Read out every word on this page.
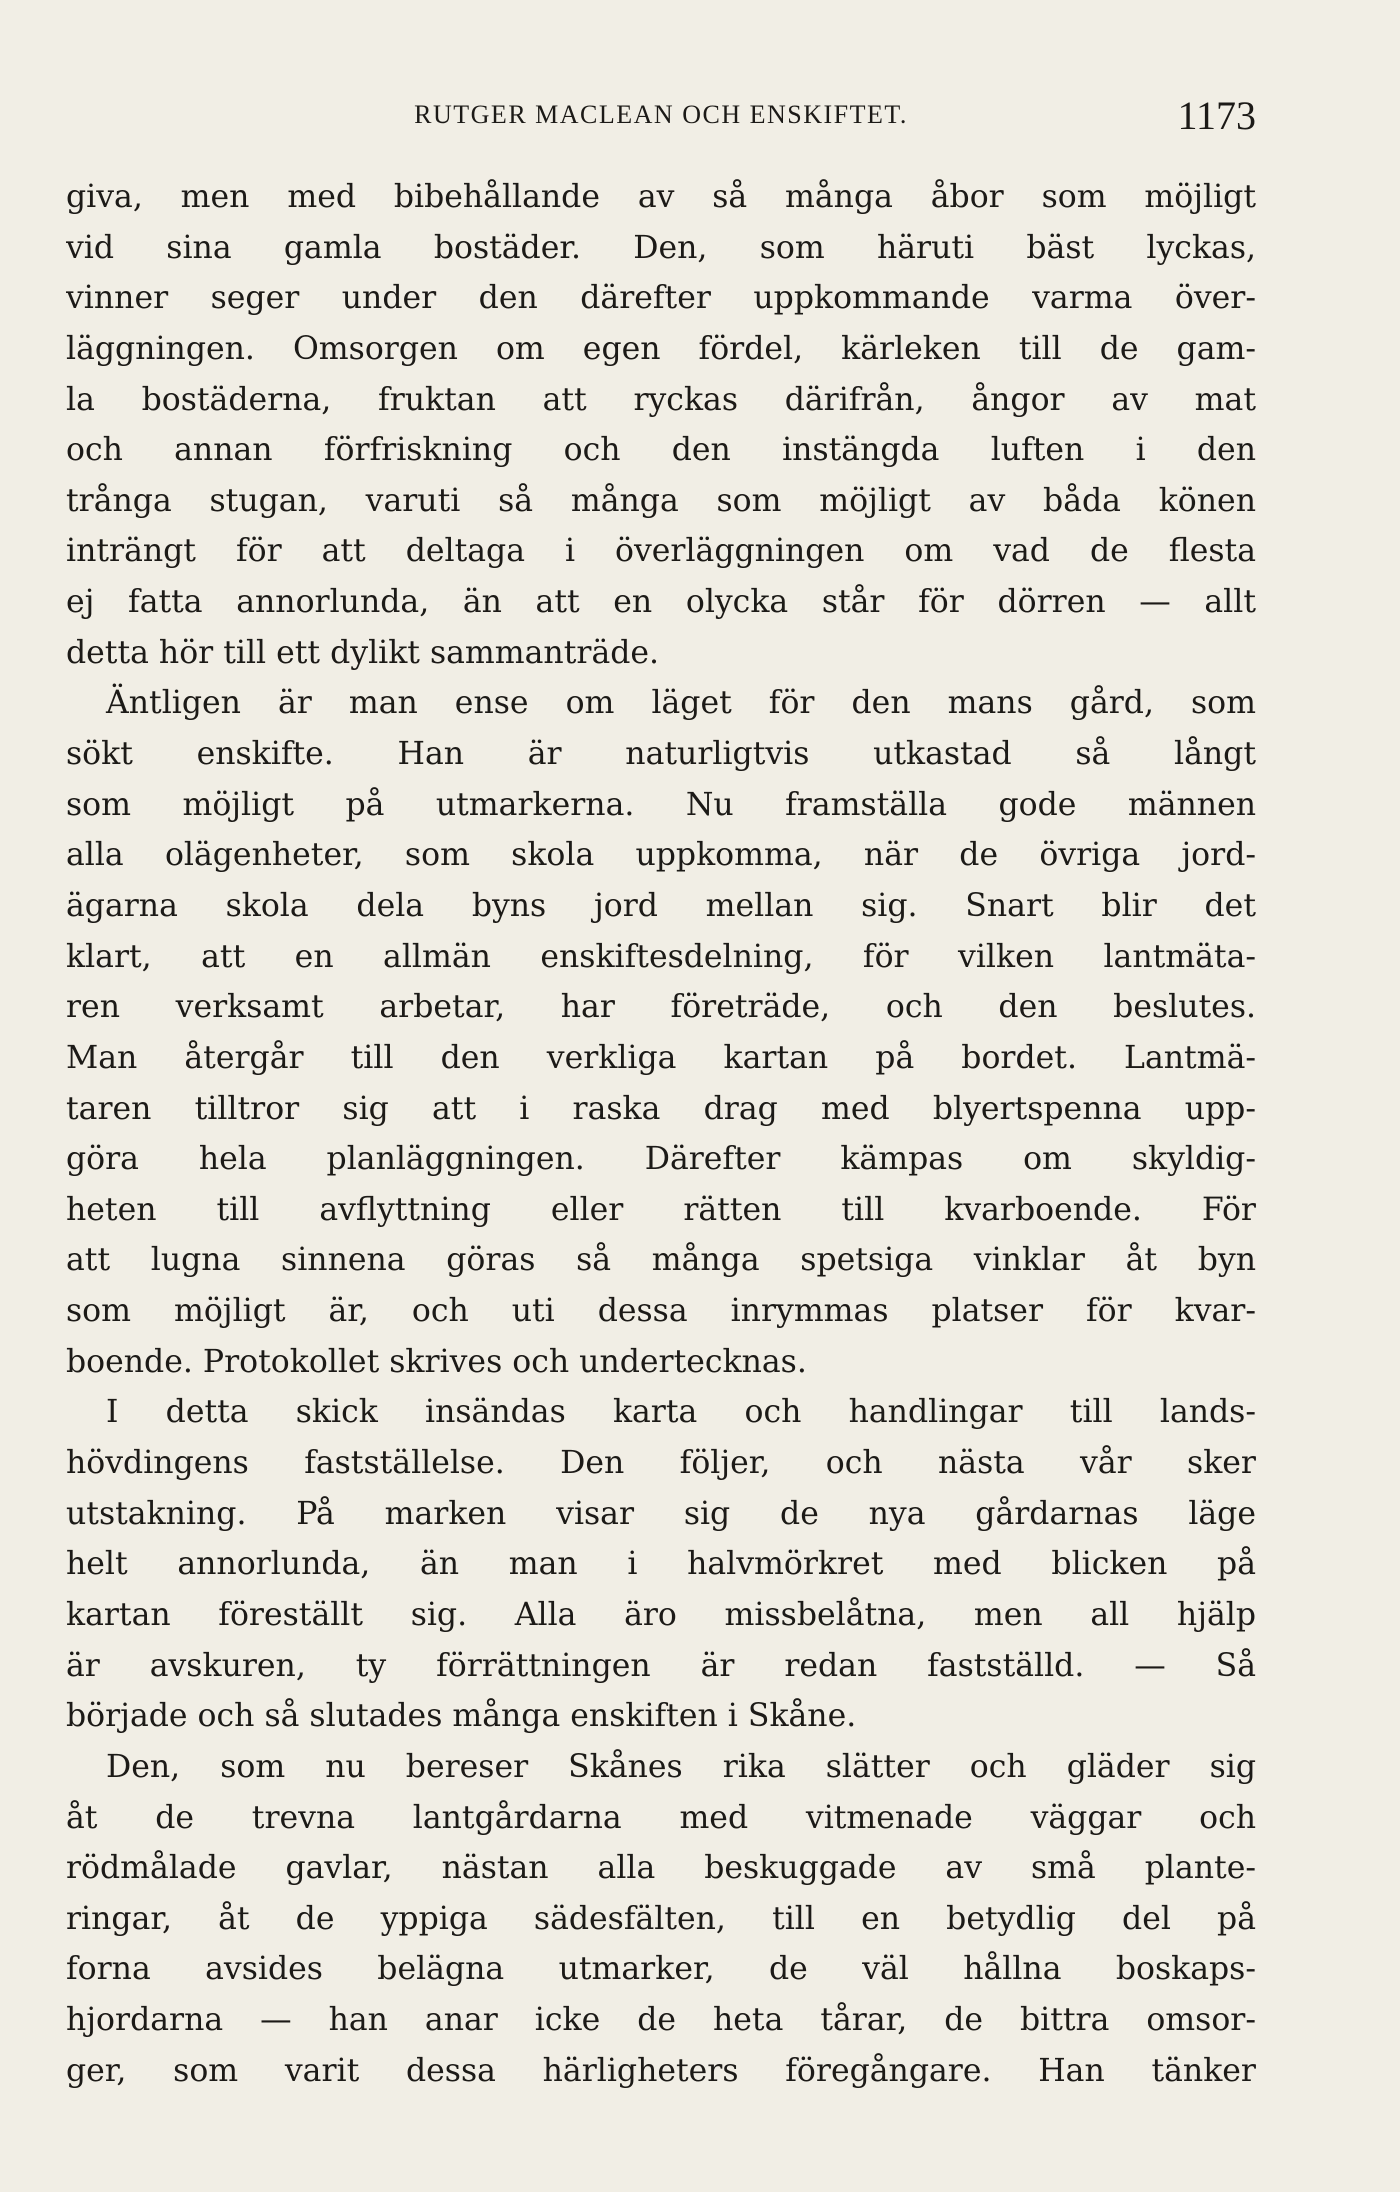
RUTGER MACLEAN OCH ENSKIFTET.	1173
giva, men med bibehållande av så många åbor som möjligt
vid sina gamla bostäder. Den, som häruti bäst lyckas,
vinner seger under den därefter uppkommande varma över-
läggningen. Omsorgen om egen fördel, kärleken till de gam-
la bostäderna, fruktan att ryckas därifrån, ångor av mat
och annan förfriskning och den instängda luften i den
trånga stugan, varuti så många som möjligt av båda könen
inträngt för att deltaga i överläggningen om vad de flesta
ej fatta annorlunda, än att en olycka står för dörren — allt
detta hör till ett dylikt sammanträde.
Äntligen är man ense om läget för den mans gård, som
sökt enskifte. Han är naturligtvis utkastad så långt
som möjligt på utmarkerna. Nu framställa gode männen
alla olägenheter, som skola uppkomma, när de övriga jord-
ägarna skola dela byns jord mellan sig. Snart blir det
klart, att en allmän enskiftesdelning, för vilken lantmäta-
ren verksamt arbetar, har företräde, och den beslutes.
Man återgår till den verkliga kartan på bordet. Lantmä-
taren tilltror sig att i raska drag med blyertspenna upp-
göra hela planläggningen. Därefter kämpas om skyldig-
heten till avflyttning eller rätten till kvarboende. För
att lugna sinnena göras så många spetsiga vinklar åt byn
som möjligt är, och uti dessa inrymmas platser för kvar-
boende. Protokollet skrives och undertecknas.
I detta skick insändas karta och handlingar till lands-
hövdingens fastställelse. Den följer, och nästa vår sker
utstakning. På marken visar sig de nya gårdarnas läge
helt annorlunda, än man i halvmörkret med blicken på
kartan föreställt sig. Alla äro missbelåtna, men all hjälp
är avskuren, ty förrättningen är redan fastställd. — Så
började och så slutades många enskiften i Skåne.
Den, som nu bereser Skånes rika slätter och gläder sig
åt de trevna lantgårdarna med vitmenade väggar och
rödmålade gavlar, nästan alla beskuggade av små plante-
ringar, åt de yppiga sädesfälten, till en betydlig del på
forna avsides belägna utmarker, de väl hållna boskaps-
hjordarna — han anar icke de heta tårar, de bittra omsor-
ger, som varit dessa härligheters föregångare. Han tänker
